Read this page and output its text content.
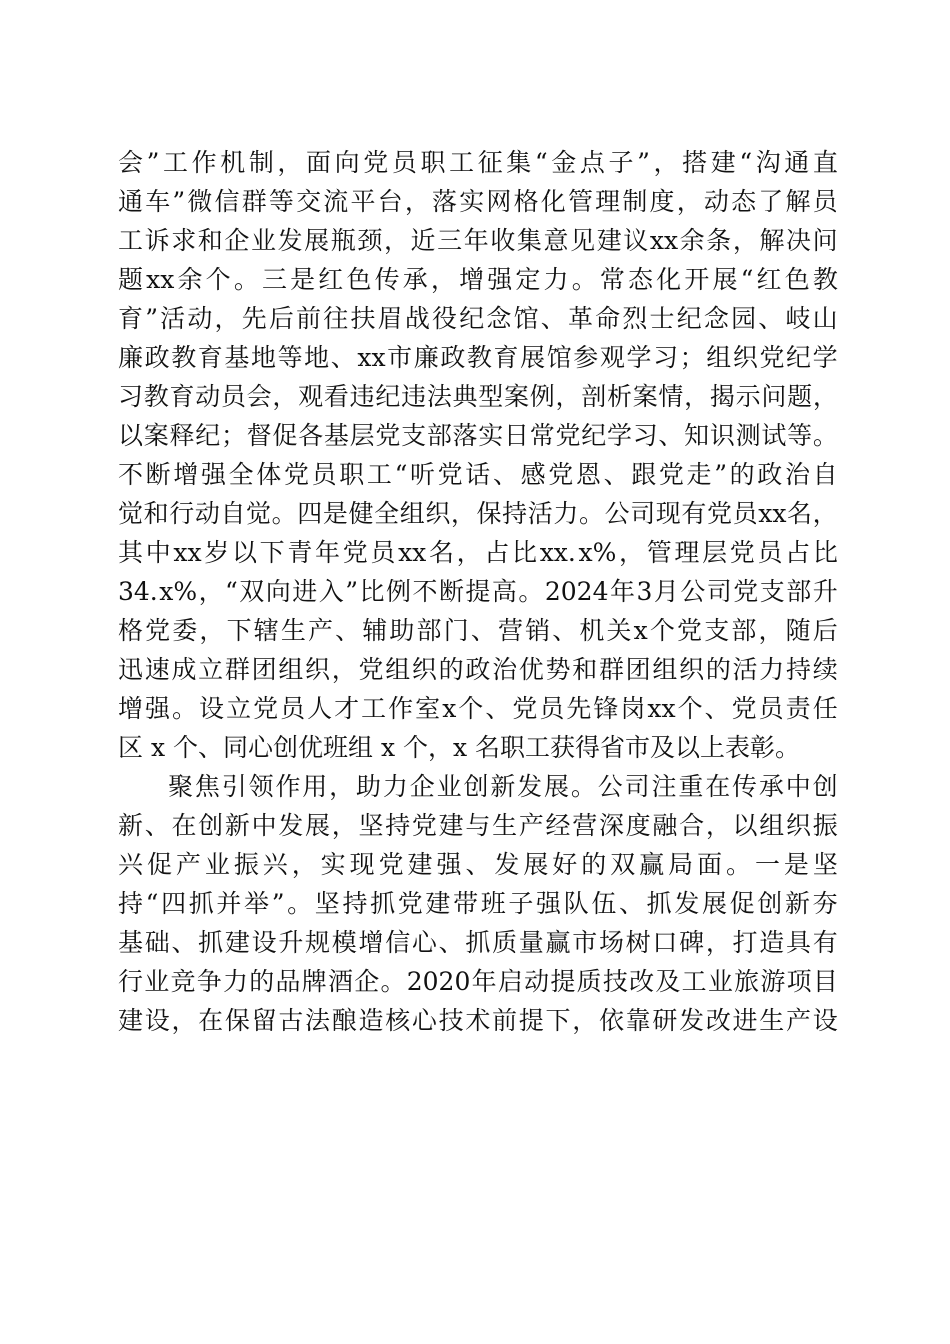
会 ” 工 作 机 制 ， 面 向 党 员 职 工 征 集 “ 金 点 子 ” ， 搭 建 “ 沟 通 直
通 车 ” 微 信 群 等 交 流 平 台 ， 落 实 网 格 化 管 理 制 度 ， 动 态 了 解 员
工 诉 求 和 企 业 发 展 瓶 颈 ， 近 三 年 收 集 意 见 建 议 xx 余 条 ， 解 决 问
题 xx 余 个 。 三 是 红 色 传 承 ， 增 强 定 力 。 常 态 化 开 展 “ 红 色 教
育 ” 活 动 ， 先 后 前 往 扶 眉 战 役 纪 念 馆 、 革 命 烈 士 纪 念 园 、 岐 山
廉 政 教 育 基 地 等 地 、 xx 市 廉 政 教 育 展 馆 参 观 学 习 ； 组 织 党 纪 学
习 教 育 动 员 会 ， 观 看 违 纪 违 法 典 型 案 例 ， 剖 析 案 情 ， 揭 示 问 题 ，
以 案 释 纪 ； 督 促 各 基 层 党 支 部 落 实 日 常 党 纪 学 习 、 知 识 测 试 等 。
不 断 增 强 全 体 党 员 职 工 “ 听 党 话 、 感 党 恩 、 跟 党 走 ” 的 政 治 自
觉 和 行 动 自 觉 。 四 是 健 全 组 织 ， 保 持 活 力 。 公 司 现 有 党 员 xx 名 ，
其 中 xx 岁 以 下 青 年 党 员 xx 名 ， 占 比 xx. x% ， 管 理 层 党 员 占 比
34. x% ， “ 双 向 进 入 ” 比 例 不 断 提 高 。 2024 年 3 月 公 司 党 支 部 升
格 党 委 ， 下 辖 生 产 、 辅 助 部 门 、 营 销 、 机 关 x 个 党 支 部 ， 随 后
迅 速 成 立 群 团 组 织 ， 党 组 织 的 政 治 优 势 和 群 团 组 织 的 活 力 持 续
增 强 。 设 立 党 员 人 才 工 作 室 x 个 、 党 员 先 锋 岗 xx 个 、 党 员 责 任
区 x 个、同心创优班组 x 个，x 名职工获得省市及以上表彰。
聚 焦 引 领 作 用 ， 助 力 企 业 创 新 发 展 。 公 司 注 重 在 传 承 中 创
新 、 在 创 新 中 发 展 ， 坚 持 党 建 与 生 产 经 营 深 度 融 合 ， 以 组 织 振
兴 促 产 业 振 兴 ， 实 现 党 建 强 、 发 展 好 的 双 赢 局 面 。 一 是 坚
持 “ 四 抓 并 举 ” 。 坚 持 抓 党 建 带 班 子 强 队 伍 、 抓 发 展 促 创 新 夯
基 础 、 抓 建 设 升 规 模 增 信 心 、 抓 质 量 赢 市 场 树 口 碑 ， 打 造 具 有
行 业 竞 争 力 的 品 牌 酒 企 。 2020 年 启 动 提 质 技 改 及 工 业 旅 游 项 目
建 设 ， 在 保 留 古 法 酿 造 核 心 技 术 前 提 下 ， 依 靠 研 发 改 进 生 产 设
